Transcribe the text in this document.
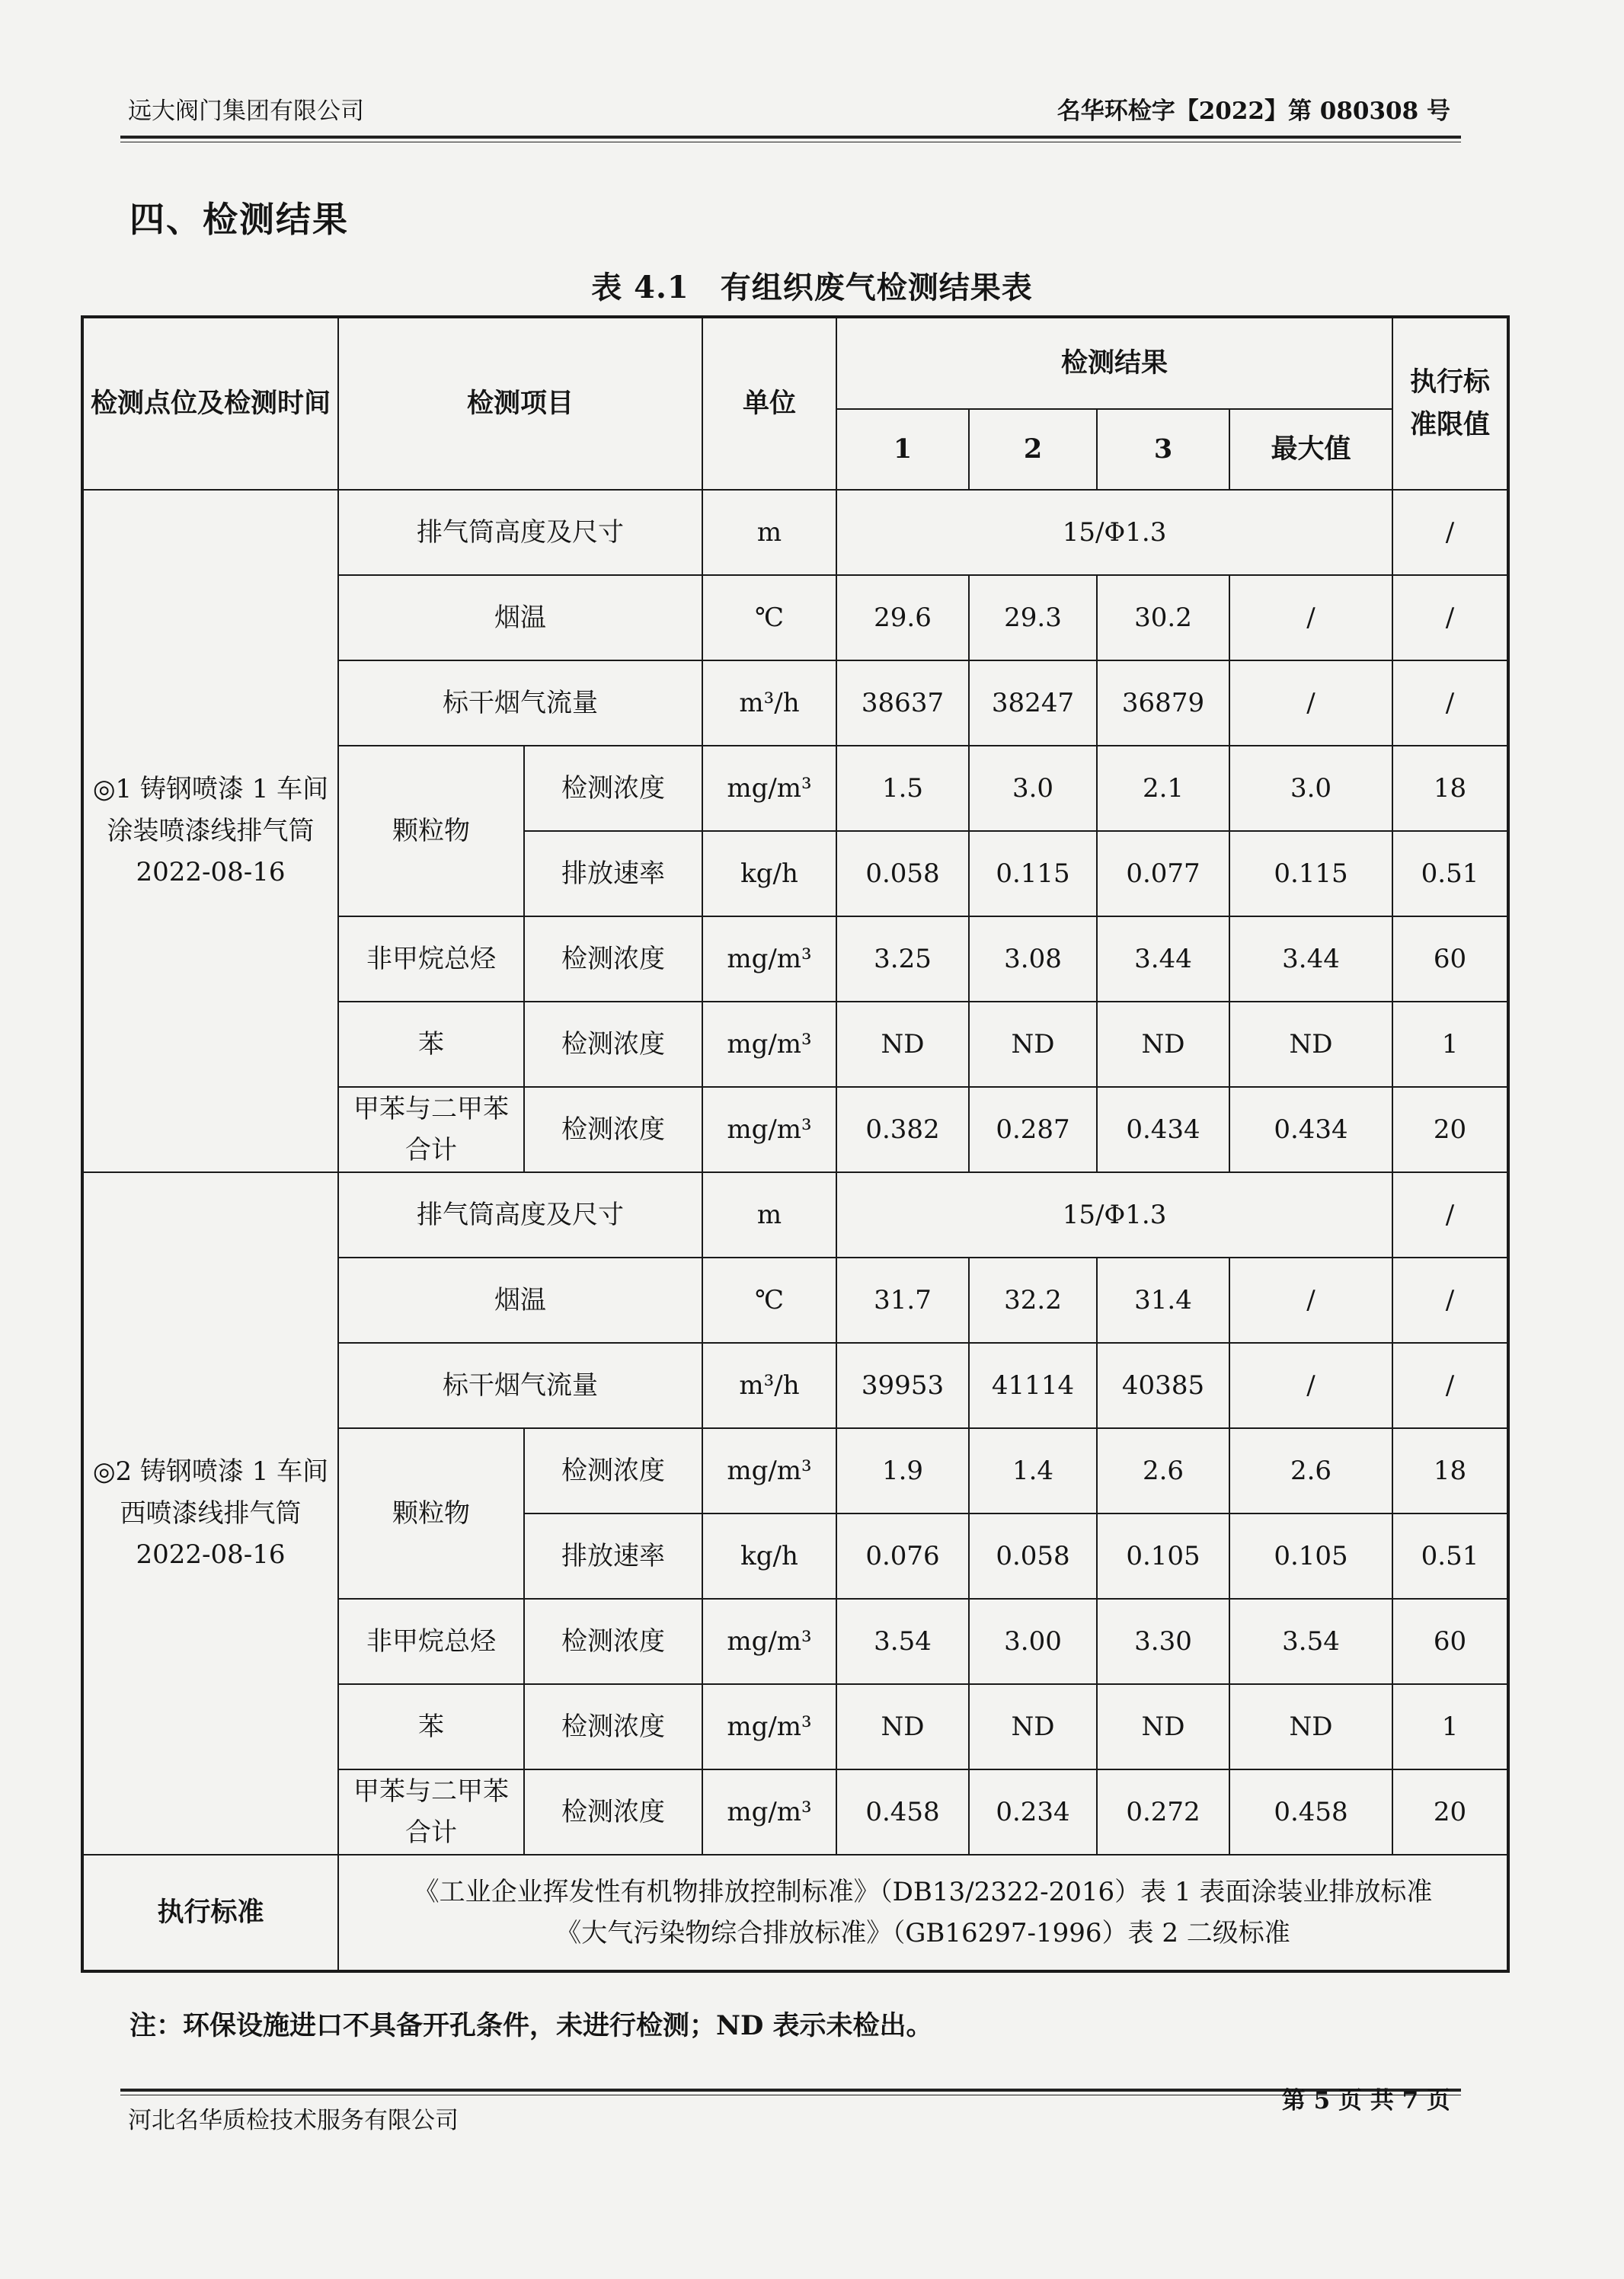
远大阀门集团有限公司	名华环检字【2022】第 080308 号
四、检测结果
表 4.1　有组织废气检测结果表
检测点位及检测时间	检测项目		单位	检测结果				执行标准限值
				1	2	3	最大值	
◎1 铸钢喷漆 1 车间涂装喷漆线排气筒 2022-08-16	排气筒高度及尺寸		m	15/Φ1.3				/
	烟温		℃	29.6	29.3	30.2	/	/
	标干烟气流量		m³/h	38637	38247	36879	/	/
	颗粒物	检测浓度	mg/m³	1.5	3.0	2.1	3.0	18
		排放速率	kg/h	0.058	0.115	0.077	0.115	0.51
	非甲烷总烃	检测浓度	mg/m³	3.25	3.08	3.44	3.44	60
	苯	检测浓度	mg/m³	ND	ND	ND	ND	1
	甲苯与二甲苯合计	检测浓度	mg/m³	0.382	0.287	0.434	0.434	20
◎2 铸钢喷漆 1 车间西喷漆线排气筒 2022-08-16	排气筒高度及尺寸		m	15/Φ1.3				/
	烟温		℃	31.7	32.2	31.4	/	/
	标干烟气流量		m³/h	39953	41114	40385	/	/
	颗粒物	检测浓度	mg/m³	1.9	1.4	2.6	2.6	18
		排放速率	kg/h	0.076	0.058	0.105	0.105	0.51
	非甲烷总烃	检测浓度	mg/m³	3.54	3.00	3.30	3.54	60
	苯	检测浓度	mg/m³	ND	ND	ND	ND	1
	甲苯与二甲苯合计	检测浓度	mg/m³	0.458	0.234	0.272	0.458	20
执行标准	《工业企业挥发性有机物排放控制标准》（DB13/2322-2016）表 1 表面涂装业排放标准
《大气污染物综合排放标准》（GB16297-1996）表 2 二级标准							
注：环保设施进口不具备开孔条件，未进行检测；ND 表示未检出。
河北名华质检技术服务有限公司
第 5 页 共 7 页
